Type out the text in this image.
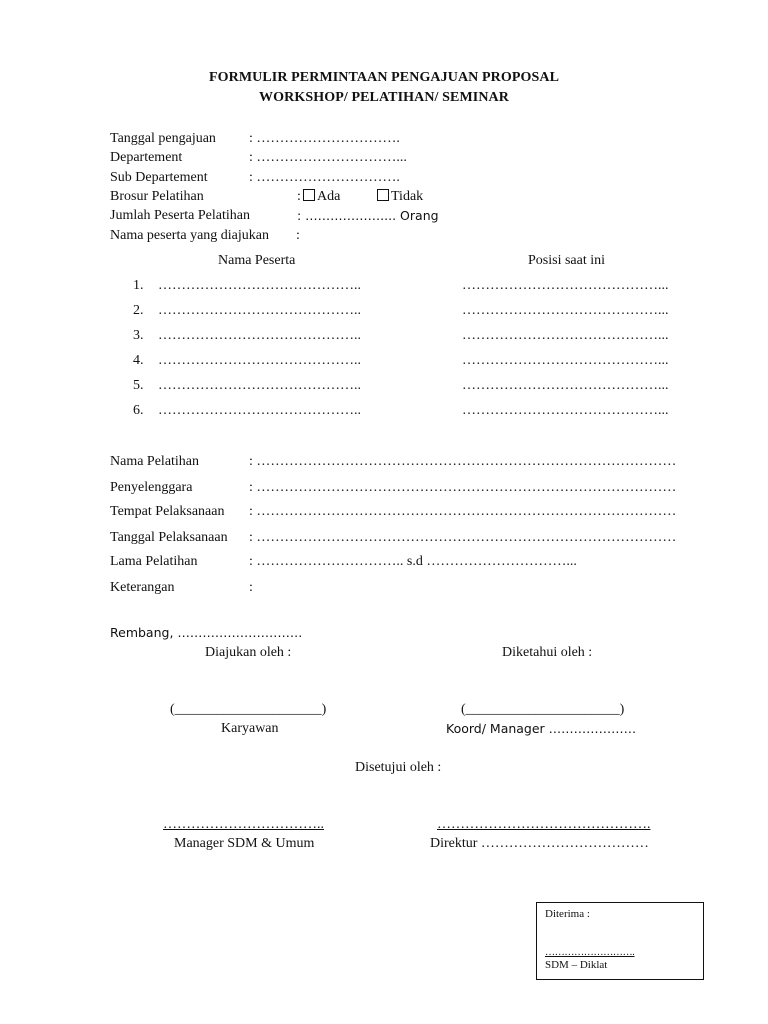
FORMULIR PERMINTAAN PENGAJUAN PROPOSAL
WORKSHOP/ PELATIHAN/ SEMINAR
Tanggal pengajuan : ………………………….
Departement	: …………………………...
Sub Departement	: ………………………….
Brosur Pelatihan	:	Ada	Tidak
Jumlah Peserta Pelatihan	: ……………….... Orang
Nama peserta yang diajukan :
Nama Peserta	Posisi saat ini
1. ……………………………………..	……………………………………...
2. ……………………………………..	……………………………………...
3. ……………………………………..	……………………………………...
4. ……………………………………..	……………………………………...
5. ……………………………………..	……………………………………...
6. ……………………………………..	……………………………………...
Nama Pelatihan	: ………………………………………………………………………………
Penyelenggara	: ………………………………………………………………………………
Tempat Pelaksanaan : ………………………………………………………………………………
Tanggal Pelaksanaan : ………………………………………………………………………………
Lama Pelatihan	: ………………………….. s.d …………………………...
Keterangan	:
Rembang, …………………………
Diajukan oleh :	Diketahui oleh :
(_____________________)	(______________________)
Karyawan	Koord/ Manager …………………
Disetujui oleh :
……………………………..	……………………………………….
Manager SDM & Umum	Direktur ………………………………
Diterima :
……………………….
SDM – Diklat
